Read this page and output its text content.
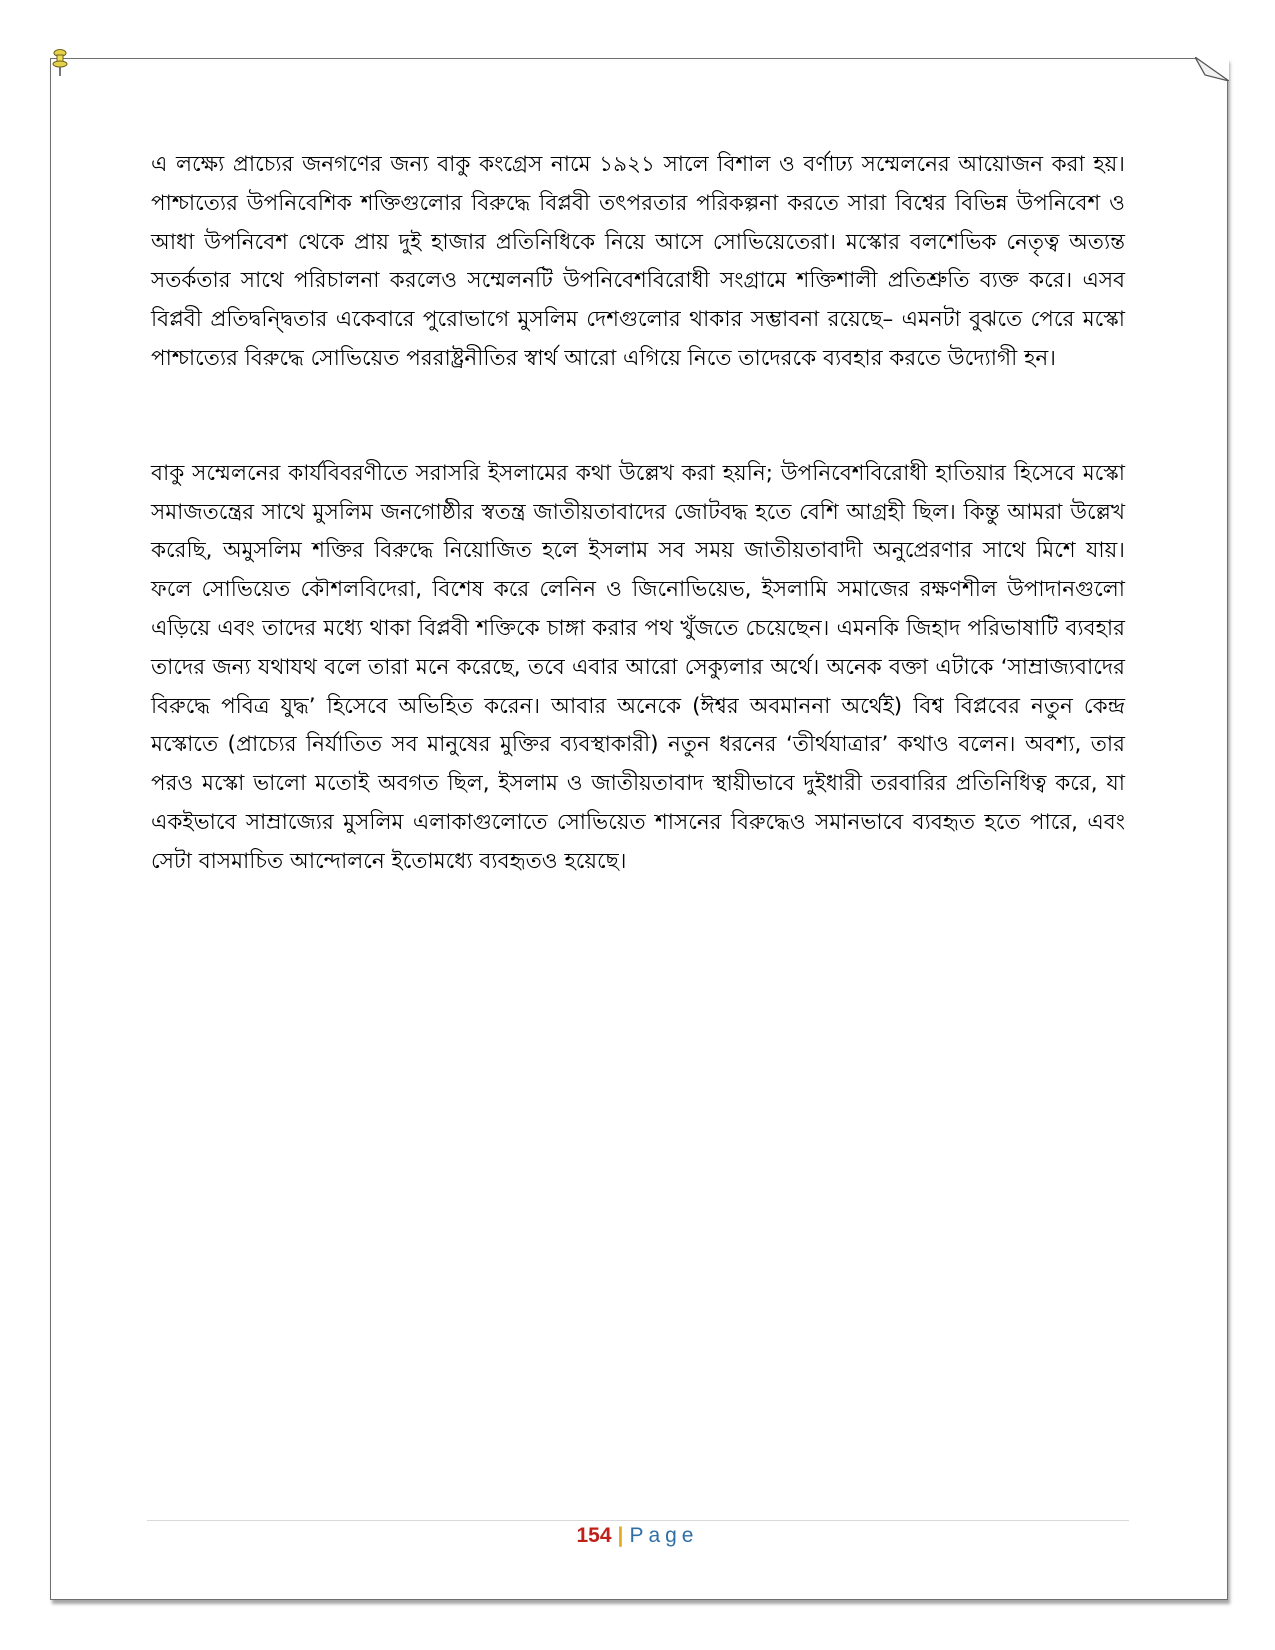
এ লক্ষ্যে প্রাচ্যের জনগণের জন্য বাকু কংগ্রেস নামে ১৯২১ সালে বিশাল ও বর্ণাঢ্য সম্মেলনের আয়োজন করা হয়। পাশ্চাত্যের উপনিবেশিক শক্তিগুলোর বিরুদ্ধে বিপ্লবী তৎপরতার পরিকল্পনা করতে সারা বিশ্বের বিভিন্ন উপনিবেশ ও আধা উপনিবেশ থেকে প্রায় দুই হাজার প্রতিনিধিকে নিয়ে আসে সোভিয়েতেরা। মস্কোর বলশেভিক নেতৃত্ব অত্যন্ত সতর্কতার সাথে পরিচালনা করলেও সম্মেলনটি উপনিবেশবিরোধী সংগ্রামে শক্তিশালী প্রতিশ্রুতি ব্যক্ত করে। এসব বিপ্লবী প্রতিদ্বন্দ্বিতার একেবারে পুরোভাগে মুসলিম দেশগুলোর থাকার সম্ভাবনা রয়েছে– এমনটা বুঝতে পেরে মস্কো পাশ্চাত্যের বিরুদ্ধে সোভিয়েত পররাষ্ট্রনীতির স্বার্থ আরো এগিয়ে নিতে তাদেরকে ব্যবহার করতে উদ্যোগী হন।

বাকু সম্মেলনের কার্যবিবরণীতে সরাসরি ইসলামের কথা উল্লেখ করা হয়নি; উপনিবেশবিরোধী হাতিয়ার হিসেবে মস্কো সমাজতন্ত্রের সাথে মুসলিম জনগোষ্ঠীর স্বতন্ত্র জাতীয়তাবাদের জোটবদ্ধ হতে বেশি আগ্রহী ছিল। কিন্তু আমরা উল্লেখ করেছি, অমুসলিম শক্তির বিরুদ্ধে নিয়োজিত হলে ইসলাম সব সময় জাতীয়তাবাদী অনুপ্রেরণার সাথে মিশে যায়। ফলে সোভিয়েত কৌশলবিদেরা, বিশেষ করে লেনিন ও জিনোভিয়েভ, ইসলামি সমাজের রক্ষণশীল উপাদানগুলো এড়িয়ে এবং তাদের মধ্যে থাকা বিপ্লবী শক্তিকে চাঙ্গা করার পথ খুঁজতে চেয়েছেন। এমনকি জিহাদ পরিভাষাটি ব্যবহার তাদের জন্য যথাযথ বলে তারা মনে করেছে, তবে এবার আরো সেক্যুলার অর্থে। অনেক বক্তা এটাকে ‘সাম্রাজ্যবাদের বিরুদ্ধে পবিত্র যুদ্ধ’ হিসেবে অভিহিত করেন। আবার অনেকে (ঈশ্বর অবমাননা অর্থেই) বিশ্ব বিপ্লবের নতুন কেন্দ্র মস্কোতে (প্রাচ্যের নির্যাতিত সব মানুষের মুক্তির ব্যবস্থাকারী) নতুন ধরনের ‘তীর্থযাত্রার’ কথাও বলেন। অবশ্য, তার পরও মস্কো ভালো মতোই অবগত ছিল, ইসলাম ও জাতীয়তাবাদ স্থায়ীভাবে দুইধারী তরবারির প্রতিনিধিত্ব করে, যা একইভাবে সাম্রাজ্যের মুসলিম এলাকাগুলোতে সোভিয়েত শাসনের বিরুদ্ধেও সমানভাবে ব্যবহৃত হতে পারে, এবং সেটা বাসমাচিত আন্দোলনে ইতোমধ্যে ব্যবহৃতও হয়েছে।

154 | Page
